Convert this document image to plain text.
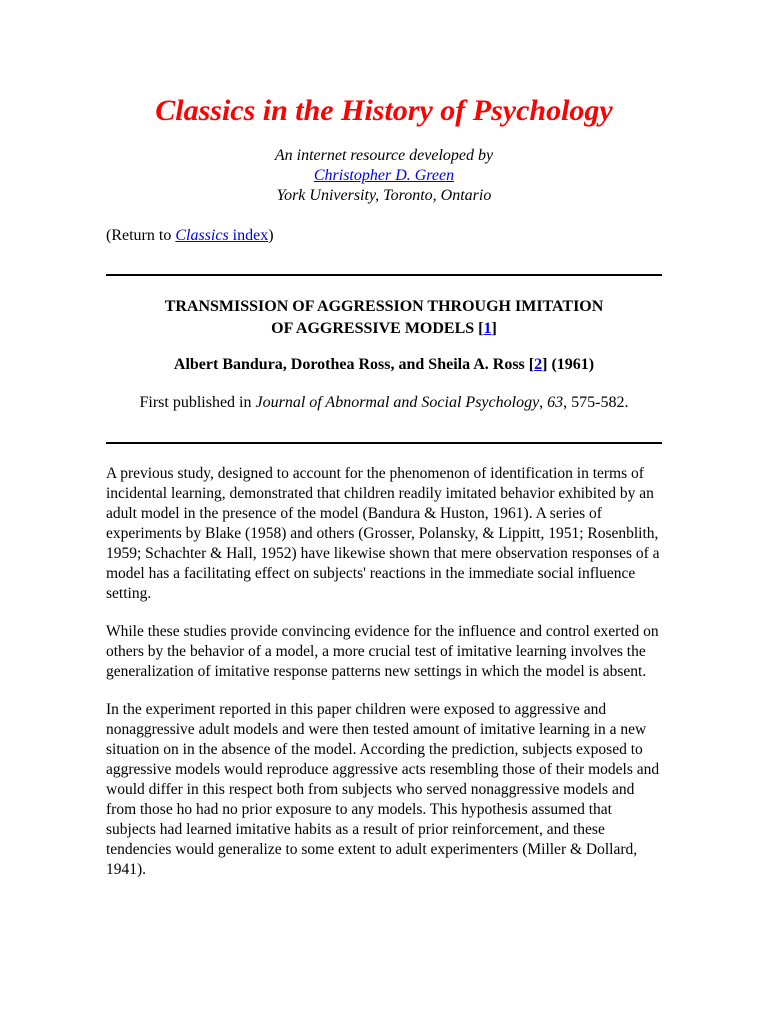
Classics in the History of Psychology
An internet resource developed by
Christopher D. Green
York University, Toronto, Ontario
(Return to Classics index)
TRANSMISSION OF AGGRESSION THROUGH IMITATION
OF AGGRESSIVE MODELS [1]
Albert Bandura, Dorothea Ross, and Sheila A. Ross [2] (1961)
First published in Journal of Abnormal and Social Psychology, 63, 575-582.

A previous study, designed to account for the phenomenon of identification in terms of incidental learning, demonstrated that children readily imitated behavior exhibited by an adult model in the presence of the model (Bandura & Huston, 1961). A series of experiments by Blake (1958) and others (Grosser, Polansky, & Lippitt, 1951; Rosenblith, 1959; Schachter & Hall, 1952) have likewise shown that mere observation responses of a model has a facilitating effect on subjects' reactions in the immediate social influence setting.

While these studies provide convincing evidence for the influence and control exerted on others by the behavior of a model, a more crucial test of imitative learning involves the generalization of imitative response patterns new settings in which the model is absent.

In the experiment reported in this paper children were exposed to aggressive and nonaggressive adult models and were then tested amount of imitative learning in a new situation on in the absence of the model. According the prediction, subjects exposed to aggressive models would reproduce aggressive acts resembling those of their models and would differ in this respect both from subjects who served nonaggressive models and from those ho had no prior exposure to any models. This hypothesis assumed that subjects had learned imitative habits as a result of prior reinforcement, and these tendencies would generalize to some extent to adult experimenters (Miller & Dollard, 1941).
